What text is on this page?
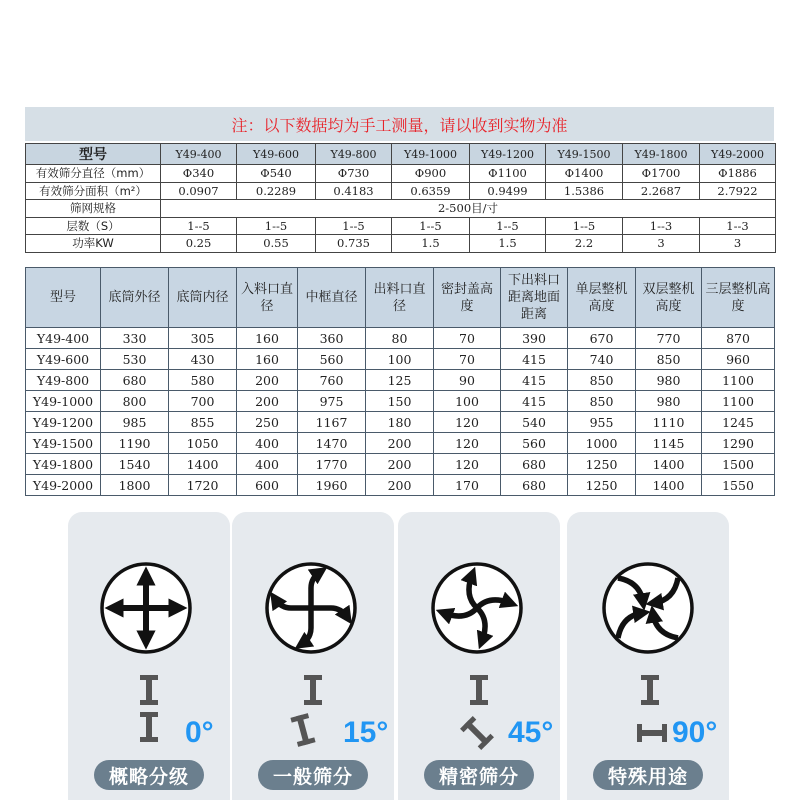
注：以下数据均为手工测量，请以收到实物为准
型号	Y49-400	Y49-600	Y49-800	Y49-1000	Y49-1200	Y49-1500	Y49-1800	Y49-2000
有效筛分直径（mm）	Φ340	Φ540	Φ730	Φ900	Φ1100	Φ1400	Φ1700	Φ1886
有效筛分面积（m²）	0.0907	0.2289	0.4183	0.6359	0.9499	1.5386	2.2687	2.7922
筛网规格	2-500目/寸							
层数（S）	1--5	1--5	1--5	1--5	1--5	1--5	1--3	1--3
功率KW	0.25	0.55	0.735	1.5	1.5	2.2	3	3
型号	底筒外径	底筒内径	入料口直径	中框直径	出料口直径	密封盖高度	下出料口距离地面距离	单层整机高度	双层整机高度	三层整机高度
Y49-400	330	305	160	360	80	70	390	670	770	870
Y49-600	530	430	160	560	100	70	415	740	850	960
Y49-800	680	580	200	760	125	90	415	850	980	1100
Y49-1000	800	700	200	975	150	100	415	850	980	1100
Y49-1200	985	855	250	1167	180	120	540	955	1110	1245
Y49-1500	1190	1050	400	1470	200	120	560	1000	1145	1290
Y49-1800	1540	1400	400	1770	200	120	680	1250	1400	1500
Y49-2000	1800	1720	600	1960	200	170	680	1250	1400	1550
0°	15°	45°	90°
概略分级	一般筛分	精密筛分	特殊用途
